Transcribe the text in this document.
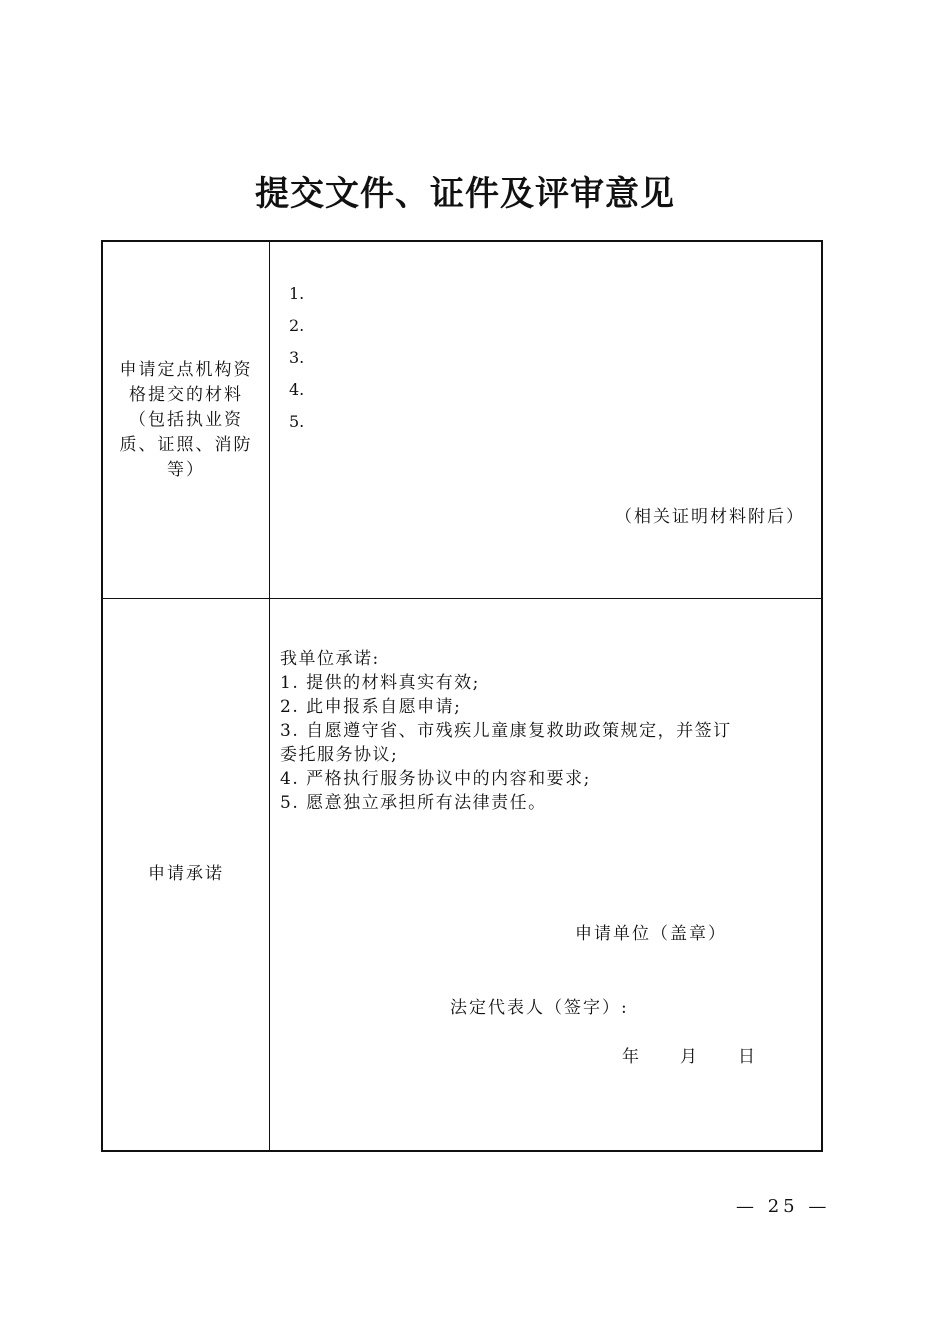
提交文件、证件及评审意见
申请定点机构资格提交的材料（包括执业资质、证照、消防等）
1.
2.
3.
4.
5.
（相关证明材料附后）
申请承诺

我单位承诺:

1. 提供的材料真实有效;

2. 此申报系自愿申请;

3. 自愿遵守省、市残疾儿童康复救助政策规定，并签订委托服务协议;

4. 严格执行服务协议中的内容和要求;

5. 愿意独立承担所有法律责任。

申请单位（盖章）
法定代表人（签字）:
年 月 日
— 25 —
